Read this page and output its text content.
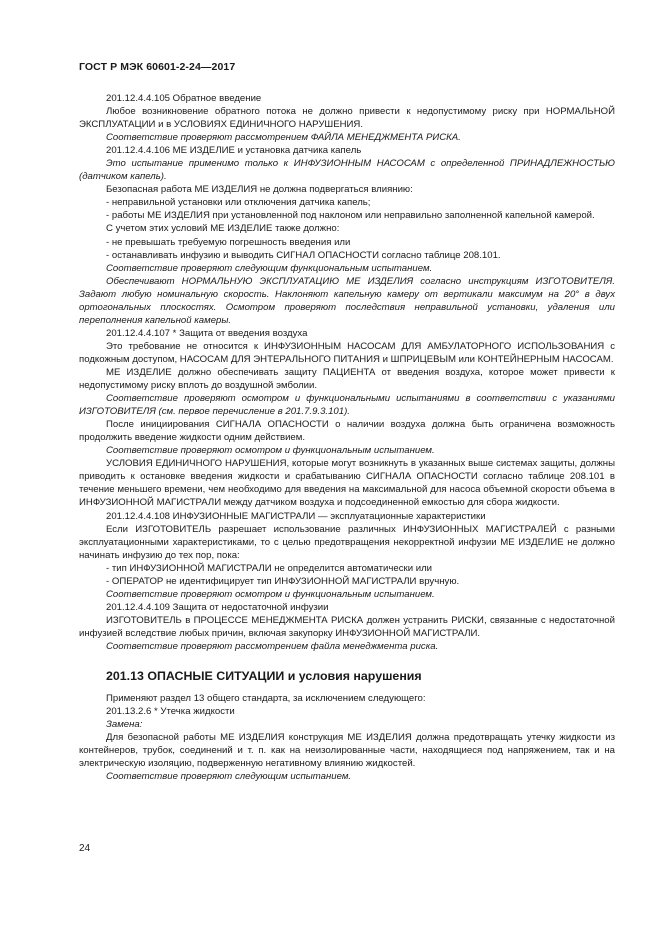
ГОСТ Р МЭК 60601-2-24—2017

201.12.4.4.105 Обратное введение

Любое возникновение обратного потока не должно привести к недопустимому риску при НОРМАЛЬНОЙ ЭКСПЛУАТАЦИИ и в УСЛОВИЯХ ЕДИНИЧНОГО НАРУШЕНИЯ.

Соответствие проверяют рассмотрением ФАЙЛА МЕНЕДЖМЕНТА РИСКА.

201.12.4.4.106 МЕ ИЗДЕЛИЕ и установка датчика капель

Это испытание применимо только к ИНФУЗИОННЫМ НАСОСАМ с определенной ПРИНАДЛЕЖНОСТЬЮ (датчиком капель).

Безопасная работа МЕ ИЗДЕЛИЯ не должна подвергаться влиянию:

- неправильной установки или отключения датчика капель;

- работы МЕ ИЗДЕЛИЯ при установленной под наклоном или неправильно заполненной капельной камерой.

С учетом этих условий МЕ ИЗДЕЛИЕ также должно:

- не превышать требуемую погрешность введения или

- останавливать инфузию и выводить СИГНАЛ ОПАСНОСТИ согласно таблице 208.101.

Соответствие проверяют следующим функциональным испытанием.

Обеспечивают НОРМАЛЬНУЮ ЭКСПЛУАТАЦИЮ МЕ ИЗДЕЛИЯ согласно инструкциям ИЗГОТОВИТЕЛЯ. Задают любую номинальную скорость. Наклоняют капельную камеру от вертикали максимум на 20° в двух ортогональных плоскостях. Осмотром проверяют последствия неправильной установки, удаления или переполнения капельной камеры.

201.12.4.4.107 * Защита от введения воздуха

Это требование не относится к ИНФУЗИОННЫМ НАСОСАМ ДЛЯ АМБУЛАТОРНОГО ИСПОЛЬЗОВАНИЯ с подкожным доступом, НАСОСАМ ДЛЯ ЭНТЕРАЛЬНОГО ПИТАНИЯ и ШПРИЦЕВЫМ или КОНТЕЙНЕРНЫМ НАСОСАМ.

МЕ ИЗДЕЛИЕ должно обеспечивать защиту ПАЦИЕНТА от введения воздуха, которое может привести к недопустимому риску вплоть до воздушной эмболии.

Соответствие проверяют осмотром и функциональными испытаниями в соответствии с указаниями ИЗГОТОВИТЕЛЯ (см. первое перечисление в 201.7.9.3.101).

После инициирования СИГНАЛА ОПАСНОСТИ о наличии воздуха должна быть ограничена возможность продолжить введение жидкости одним действием.

Соответствие проверяют осмотром и функциональным испытанием.

УСЛОВИЯ ЕДИНИЧНОГО НАРУШЕНИЯ, которые могут возникнуть в указанных выше системах защиты, должны приводить к остановке введения жидкости и срабатыванию СИГНАЛА ОПАСНОСТИ согласно таблице 208.101 в течение меньшего времени, чем необходимо для введения на максимальной для насоса объемной скорости объема в ИНФУЗИОННОЙ МАГИСТРАЛИ между датчиком воздуха и подсоединенной емкостью для сбора жидкости.

201.12.4.4.108 ИНФУЗИОННЫЕ МАГИСТРАЛИ — эксплуатационные характеристики

Если ИЗГОТОВИТЕЛЬ разрешает использование различных ИНФУЗИОННЫХ МАГИСТРАЛЕЙ с разными эксплуатационными характеристиками, то с целью предотвращения некорректной инфузии МЕ ИЗДЕЛИЕ не должно начинать инфузию до тех пор, пока:

- тип ИНФУЗИОННОЙ МАГИСТРАЛИ не определится автоматически или

- ОПЕРАТОР не идентифицирует тип ИНФУЗИОННОЙ МАГИСТРАЛИ вручную.

Соответствие проверяют осмотром и функциональным испытанием.

201.12.4.4.109 Защита от недостаточной инфузии

ИЗГОТОВИТЕЛЬ в ПРОЦЕССЕ МЕНЕДЖМЕНТА РИСКА должен устранить РИСКИ, связанные с недостаточной инфузией вследствие любых причин, включая закупорку ИНФУЗИОННОЙ МАГИСТРАЛИ.

Соответствие проверяют рассмотрением файла менеджмента риска.

201.13 ОПАСНЫЕ СИТУАЦИИ и условия нарушения

Применяют раздел 13 общего стандарта, за исключением следующего:

201.13.2.6 * Утечка жидкости

Замена:

Для безопасной работы МЕ ИЗДЕЛИЯ конструкция МЕ ИЗДЕЛИЯ должна предотвращать утечку жидкости из контейнеров, трубок, соединений и т. п. как на неизолированные части, находящиеся под напряжением, так и на электрическую изоляцию, подверженную негативному влиянию жидкостей.

Соответствие проверяют следующим испытанием.

24
